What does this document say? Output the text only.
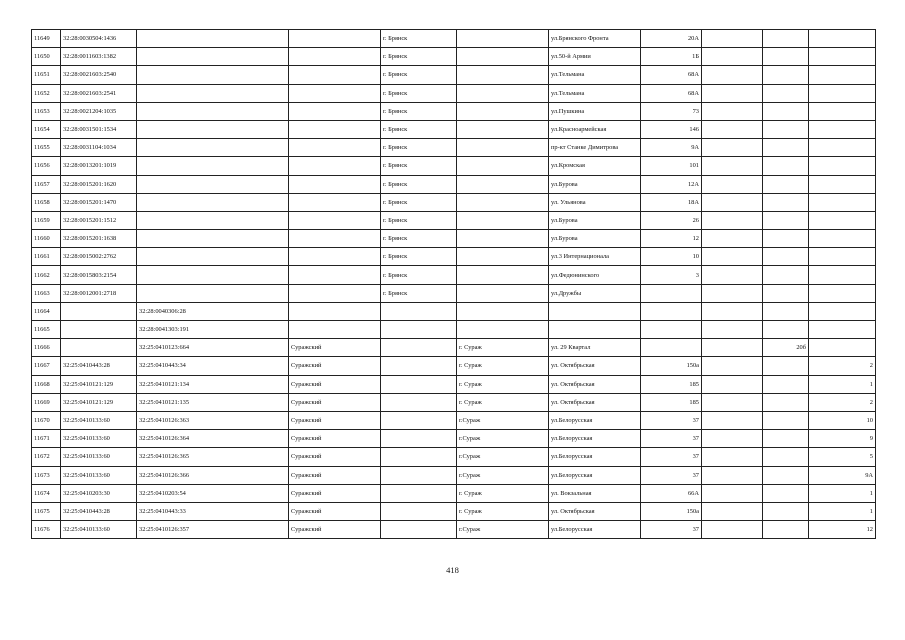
11649	32:28:0030504:1436			г. Брянск		ул.Брянского Фронта	20А			
11650	32:28:0011603:1382			г. Брянск		ул.50-й Армии	1Б			
11651	32:28:0021603:2540			г. Брянск		ул.Тельмана	68А			
11652	32:28:0021603:2541			г. Брянск		ул.Тельмана	68А			
11653	32:28:0021204:1035			г. Брянск		ул.Пушкина	73			
11654	32:28:0031501:1534			г. Брянск		ул.Красноармейская	146			
11655	32:28:0031104:1034			г. Брянск		пр-кт Станке Димитрова	9А			
11656	32:28:0013201:1019			г. Брянск		ул.Кромская	101			
11657	32:28:0015201:1620			г. Брянск		ул.Бурова	12А			
11658	32:28:0015201:1470			г. Брянск		ул. Ульянова	18А			
11659	32:28:0015201:1512			г. Брянск		ул.Бурова	26			
11660	32:28:0015201:1638			г. Брянск		ул.Бурова	12			
11661	32:28:0015002:2762			г. Брянск		ул.3 Интернационала	10			
11662	32:28:0015803:2154			г. Брянск		ул.Федюнинского	3			
11663	32:28:0012001:2718			г. Брянск		ул.Дружбы				
11664		32:28:0040306:28								
11665		32:28:0041303:191								
11666		32:25:0410123:664	Суражский		г. Сураж	ул. 29 Квартал			20б	
11667	32:25:0410443:28	32:25:0410443:34	Суражский		г. Сураж	ул. Октябрьская	150а			2
11668	32:25:0410121:129	32:25:0410121:134	Суражский		г. Сураж	ул. Октябрьская	185			1
11669	32:25:0410121:129	32:25:0410121:135	Суражский		г. Сураж	ул. Октябрьская	185			2
11670	32:25:0410133:60	32:25:0410126:363	Суражский		г.Сураж	ул.Белорусская	37			10
11671	32:25:0410133:60	32:25:0410126:364	Суражский		г.Сураж	ул.Белорусская	37			9
11672	32:25:0410133:60	32:25:0410126:365	Суражский		г.Сураж	ул.Белорусская	37			5
11673	32:25:0410133:60	32:25:0410126:366	Суражский		г.Сураж	ул.Белорусская	37			9А
11674	32:25:0410203:30	32:25:0410203:54	Суражский		г. Сураж	ул. Вокзальная	66А			1
11675	32:25:0410443:28	32:25:0410443:33	Суражский		г. Сураж	ул. Октябрьская	150а			1
11676	32:25:0410133:60	32:25:0410126:357	Суражский		г.Сураж	ул.Белорусская	37			12
418
